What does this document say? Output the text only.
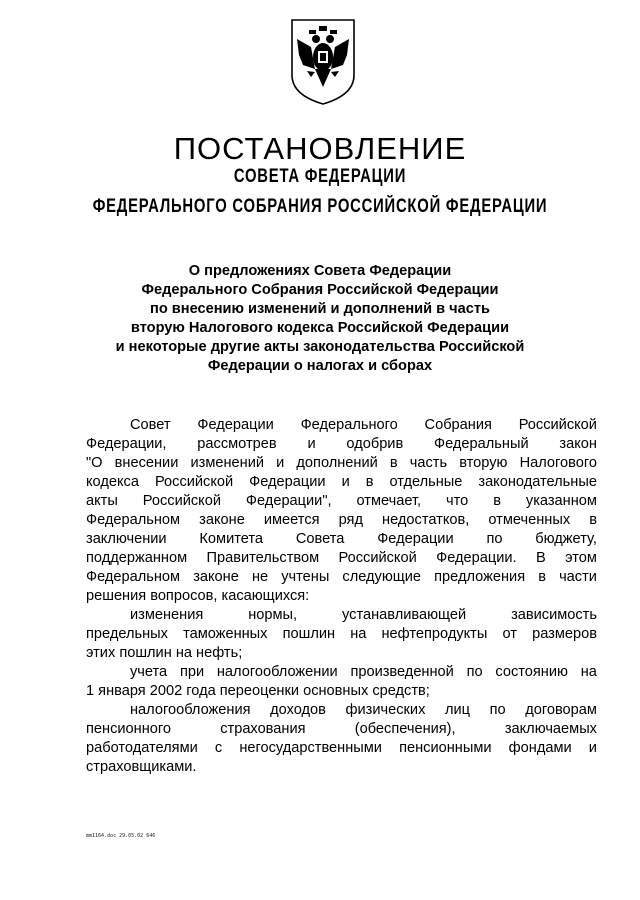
ПОСТАНОВЛЕНИЕ
СОВЕТА ФЕДЕРАЦИИ
ФЕДЕРАЛЬНОГО СОБРАНИЯ РОССИЙСКОЙ ФЕДЕРАЦИИ
О предложениях Совета Федерации
Федерального Собрания Российской Федерации
по внесению изменений и дополнений в часть
вторую Налогового кодекса Российской Федерации
и некоторые другие акты законодательства Российской
Федерации о налогах и сборах
Совет Федерации Федерального Собрания Российской
Федерации, рассмотрев и одобрив Федеральный закон
"О внесении изменений и дополнений в часть вторую Налогового
кодекса Российской Федерации и в отдельные законодательные
акты Российской Федерации", отмечает, что в указанном
Федеральном законе имеется ряд недостатков, отмеченных в
заключении Комитета Совета Федерации по бюджету,
поддержанном Правительством Российской Федерации. В этом
Федеральном законе не учтены следующие предложения в части
решения вопросов, касающихся:
изменения	нормы,	устанавливающей	зависимость
предельных таможенных пошлин на нефтепродукты от размеров
этих пошлин на нефть;
учета при налогообложении произведенной по состоянию на
1 января 2002 года переоценки основных средств;
налогообложения доходов физических лиц по договорам
пенсионного	страхования	(обеспечения),	заключаемых
работодателями с негосударственными пенсионными фондами и
страховщиками.
mm1164.doc 29.05.02 646
